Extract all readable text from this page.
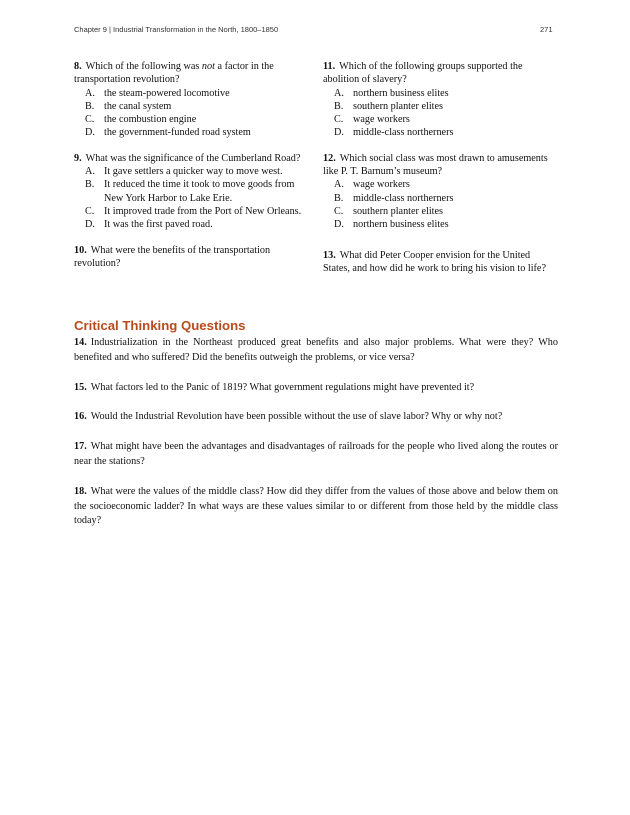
Chapter 9 | Industrial Transformation in the North, 1800–1850	271
8. Which of the following was not a factor in the transportation revolution?
A. the steam-powered locomotive
B. the canal system
C. the combustion engine
D. the government-funded road system
9. What was the significance of the Cumberland Road?
A. It gave settlers a quicker way to move west.
B. It reduced the time it took to move goods from New York Harbor to Lake Erie.
C. It improved trade from the Port of New Orleans.
D. It was the first paved road.
10. What were the benefits of the transportation revolution?
11. Which of the following groups supported the abolition of slavery?
A. northern business elites
B. southern planter elites
C. wage workers
D. middle-class northerners
12. Which social class was most drawn to amusements like P. T. Barnum’s museum?
A. wage workers
B. middle-class northerners
C. southern planter elites
D. northern business elites
13. What did Peter Cooper envision for the United States, and how did he work to bring his vision to life?
Critical Thinking Questions
14. Industrialization in the Northeast produced great benefits and also major problems. What were they? Who benefited and who suffered? Did the benefits outweigh the problems, or vice versa?
15. What factors led to the Panic of 1819? What government regulations might have prevented it?
16. Would the Industrial Revolution have been possible without the use of slave labor? Why or why not?
17. What might have been the advantages and disadvantages of railroads for the people who lived along the routes or near the stations?
18. What were the values of the middle class? How did they differ from the values of those above and below them on the socioeconomic ladder? In what ways are these values similar to or different from those held by the middle class today?
